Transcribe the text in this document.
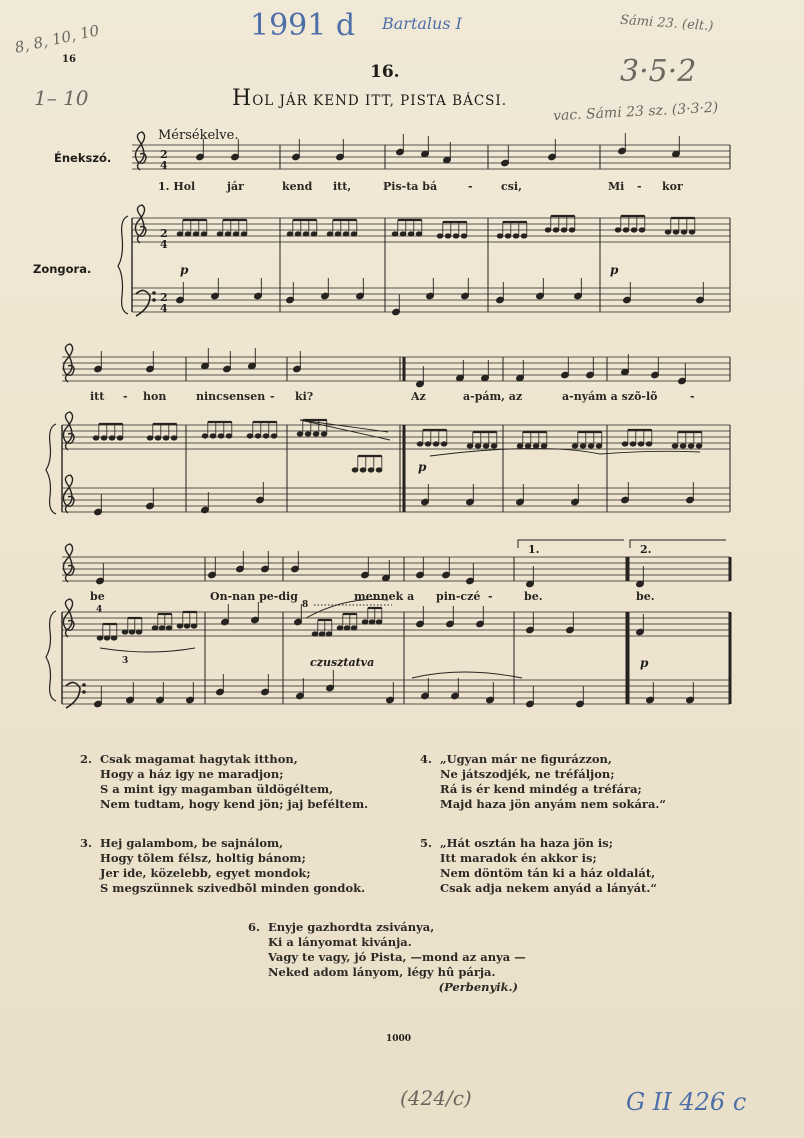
8, 8, 10, 10
16
1– 10
1991 d Bartalus I	Sámi 23. (elt.)
3·5·2
vac. Sámi 23 sz. (3·3·2)
(424/c)	G II 426 c
16.
HOL JÁR KEND ITT, PISTA BÁCSI.
Mérsékelve.
Énekszó.
Zongora.	p	p
p
p
8
czusztatva
1.	2.
3
4
2
4
2
4
2
4
1. Hol	jár	kend itt,	Pis-ta bá	-	csi,	Mi - kor
itt - hon	nincsensen - ki?	Az	a-pám, az	a-nyám a szõ-lõ	-
be	On-nan pe-dig	mennek a pin-czé -	be.	be.
2. Csak magamat hagytak itthon,
Hogy a ház igy ne maradjon;
S a mint igy magamban üldögéltem,
Nem tudtam, hogy kend jön; jaj beféltem.
3. Hej galambom, be sajnálom,
Hogy tõlem félsz, holtig bánom;
Jer ide, közelebb, egyet mondok;
S megszünnek szivedbõl minden gondok.
4. „Ugyan már ne figurázzon,
Ne játszodjék, ne tréfáljon;
Rá is ér kend mindég a tréfára;
Majd haza jön anyám nem sokára.“
5. „Hát osztán ha haza jön is;
Itt maradok én akkor is;
Nem döntöm tán ki a ház oldalát,
Csak adja nekem anyád a lányát.“
6. Enyje gazhordta zsiványa,
Ki a lányomat kivánja.
Vagy te vagy, jó Pista, —mond az anya —
Neked adom lányom, légy hû párja.
(Perbenyik.)
1000
